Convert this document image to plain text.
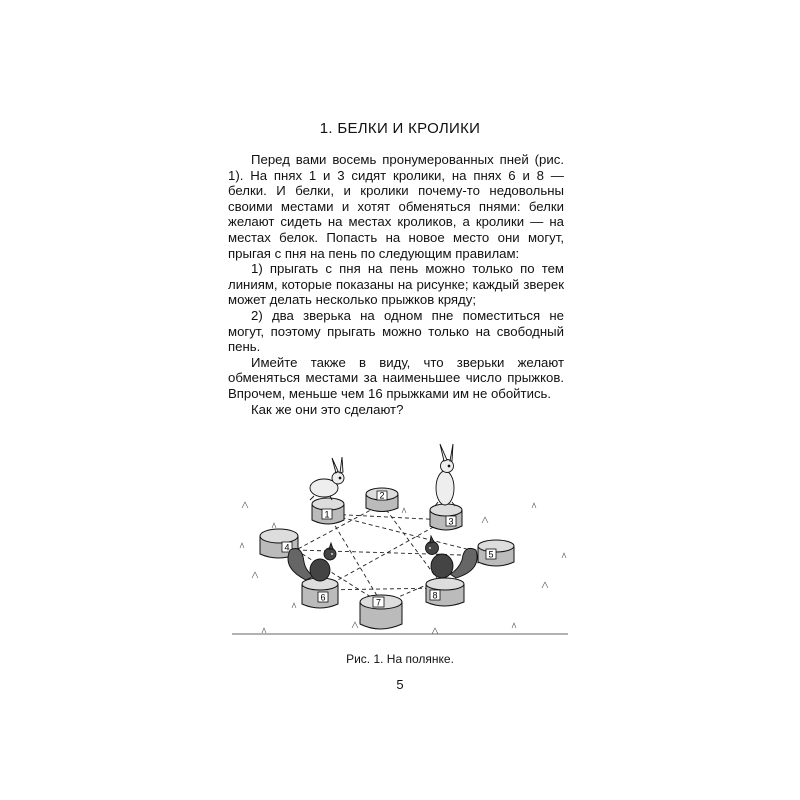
1. БЕЛКИ И КРОЛИКИ

Перед вами восемь пронумерованных пней (рис. 1). На пнях 1 и 3 сидят кролики, на пнях 6 и 8 — белки. И белки, и кролики почему-то недовольны своими местами и хотят обменяться пнями: белки желают сидеть на местах кроликов, а кролики — на местах белок. Попасть на новое место они могут, прыгая с пня на пень по следующим правилам:

1) прыгать с пня на пень можно только по тем линиям, которые показаны на рисунке; каждый зверек может делать несколько прыжков кряду;

2) два зверька на одном пне поместиться не могут, поэтому прыгать можно только на свободный пень.

Имейте также в виду, что зверьки желают обменяться местами за наименьшее число прыжков. Впрочем, меньше чем 16 прыжками им не обойтись.

Как же они это сделают?

1
2
3
4
5
6	7
8
Рис. 1. На полянке.
5
